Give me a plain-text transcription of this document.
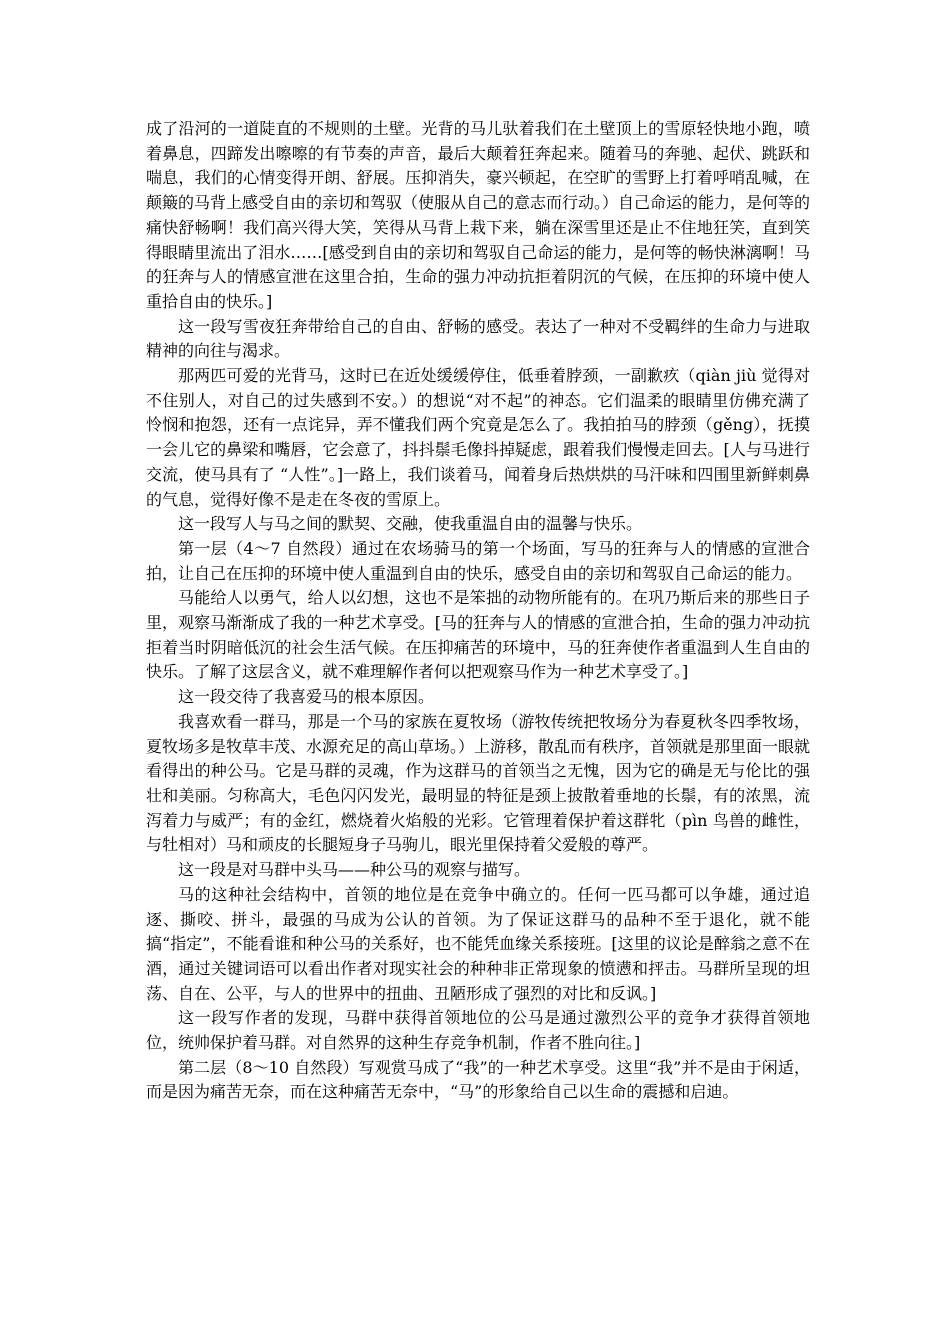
成了沿河的一道陡直的不规则的土壁。光背的马儿驮着我们在土壁顶上的雪原轻快地小跑，喷着鼻息，四蹄发出嚓嚓的有节奏的声音，最后大颠着狂奔起来。随着马的奔驰、起伏、跳跃和喘息，我们的心情变得开朗、舒展。压抑消失，豪兴顿起，在空旷的雪野上打着呼哨乱喊，在颠簸的马背上感受自由的亲切和驾驭（使服从自己的意志而行动。）自己命运的能力，是何等的痛快舒畅啊！我们高兴得大笑，笑得从马背上栽下来，躺在深雪里还是止不住地狂笑，直到笑得眼睛里流出了泪水……[感受到自由的亲切和驾驭自己命运的能力，是何等的畅快淋漓啊！马的狂奔与人的情感宣泄在这里合拍，生命的强力冲动抗拒着阴沉的气候，在压抑的环境中使人重拾自由的快乐。]

这一段写雪夜狂奔带给自己的自由、舒畅的感受。表达了一种对不受羁绊的生命力与进取精神的向往与渴求。

那两匹可爱的光背马，这时已在近处缓缓停住，低垂着脖颈，一副歉疚（qiàn jiù 觉得对不住别人，对自己的过失感到不安。）的想说“对不起”的神态。它们温柔的眼睛里仿佛充满了怜悯和抱怨，还有一点诧异，弄不懂我们两个究竟是怎么了。我拍拍马的脖颈（gěng），抚摸一会儿它的鼻梁和嘴唇，它会意了，抖抖鬃毛像抖掉疑虑，跟着我们慢慢走回去。[人与马进行交流，使马具有了 “人性”。]一路上，我们谈着马，闻着身后热烘烘的马汗味和四围里新鲜刺鼻的气息，觉得好像不是走在冬夜的雪原上。

这一段写人与马之间的默契、交融，使我重温自由的温馨与快乐。

第一层（4～7 自然段）通过在农场骑马的第一个场面，写马的狂奔与人的情感的宣泄合拍，让自己在压抑的环境中使人重温到自由的快乐，感受自由的亲切和驾驭自己命运的能力。

马能给人以勇气，给人以幻想，这也不是笨拙的动物所能有的。在巩乃斯后来的那些日子里，观察马渐渐成了我的一种艺术享受。[马的狂奔与人的情感的宣泄合拍，生命的强力冲动抗拒着当时阴暗低沉的社会生活气候。在压抑痛苦的环境中，马的狂奔使作者重温到人生自由的快乐。了解了这层含义，就不难理解作者何以把观察马作为一种艺术享受了。]

这一段交待了我喜爱马的根本原因。

我喜欢看一群马，那是一个马的家族在夏牧场（游牧传统把牧场分为春夏秋冬四季牧场，夏牧场多是牧草丰茂、水源充足的高山草场。）上游移，散乱而有秩序，首领就是那里面一眼就看得出的种公马。它是马群的灵魂，作为这群马的首领当之无愧，因为它的确是无与伦比的强壮和美丽。匀称高大，毛色闪闪发光，最明显的特征是颈上披散着垂地的长鬃，有的浓黑，流泻着力与威严；有的金红，燃烧着火焰般的光彩。它管理着保护着这群牝（pìn 鸟兽的雌性，与牡相对）马和顽皮的长腿短身子马驹儿，眼光里保持着父爱般的尊严。

这一段是对马群中头马——种公马的观察与描写。

马的这种社会结构中，首领的地位是在竞争中确立的。任何一匹马都可以争雄，通过追逐、撕咬、拼斗，最强的马成为公认的首领。为了保证这群马的品种不至于退化，就不能搞“指定”，不能看谁和种公马的关系好，也不能凭血缘关系接班。[这里的议论是醉翁之意不在酒，通过关键词语可以看出作者对现实社会的种种非正常现象的愤懑和抨击。马群所呈现的坦荡、自在、公平，与人的世界中的扭曲、丑陋形成了强烈的对比和反讽。]

这一段写作者的发现，马群中获得首领地位的公马是通过激烈公平的竞争才获得首领地位，统帅保护着马群。对自然界的这种生存竞争机制，作者不胜向往。]

第二层（8～10 自然段）写观赏马成了“我”的一种艺术享受。这里“我”并不是由于闲适，而是因为痛苦无奈，而在这种痛苦无奈中，“马”的形象给自己以生命的震撼和启迪。
